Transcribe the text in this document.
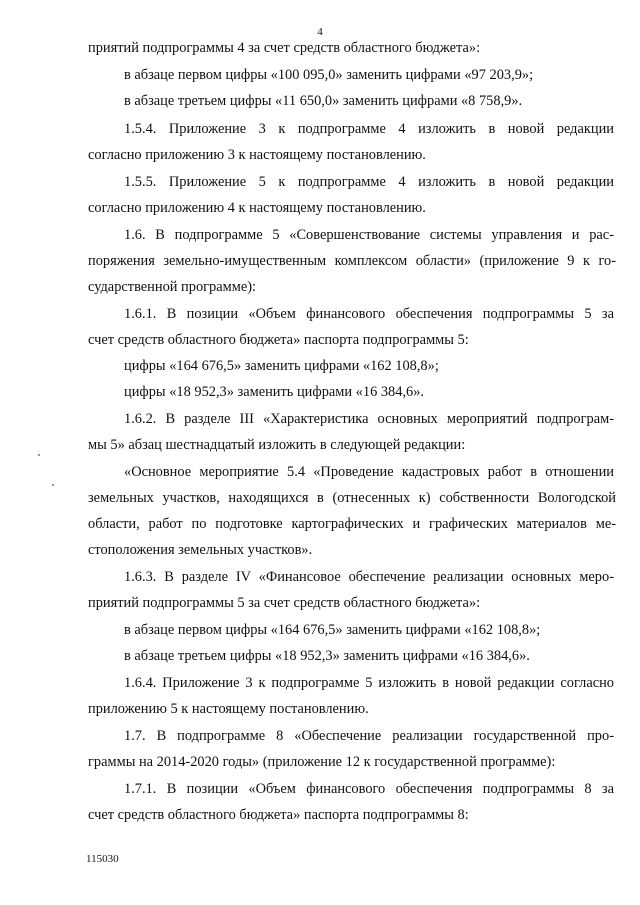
4
приятий подпрограммы 4 за счет средств областного бюджета»:
в абзаце первом цифры «100 095,0» заменить цифрами «97 203,9»;
в абзаце третьем цифры «11 650,0» заменить цифрами «8 758,9».
1.5.4. Приложение 3 к подпрограмме 4 изложить в новой редакции
согласно приложению 3 к настоящему постановлению.
1.5.5. Приложение 5 к подпрограмме 4 изложить в новой редакции
согласно приложению 4 к настоящему постановлению.
1.6. В подпрограмме 5 «Совершенствование системы управления и рас-
поряжения земельно-имущественным комплексом области» (приложение 9 к го-
сударственной программе):
1.6.1. В позиции «Объем финансового обеспечения подпрограммы 5 за
счет средств областного бюджета» паспорта подпрограммы 5:
цифры «164 676,5» заменить цифрами «162 108,8»;
цифры «18 952,3» заменить цифрами «16 384,6».
1.6.2. В разделе III «Характеристика основных мероприятий подпрограм-
мы 5» абзац шестнадцатый изложить в следующей редакции:
«Основное мероприятие 5.4 «Проведение кадастровых работ в отношении
земельных участков, находящихся в (отнесенных к) собственности Вологодской
области, работ по подготовке картографических и графических материалов ме-
стоположения земельных участков».
1.6.3. В разделе IV «Финансовое обеспечение реализации основных меро-
приятий подпрограммы 5 за счет средств областного бюджета»:
в абзаце первом цифры «164 676,5» заменить цифрами «162 108,8»;
в абзаце третьем цифры «18 952,3» заменить цифрами «16 384,6».
1.6.4. Приложение 3 к подпрограмме 5 изложить в новой редакции согласно
приложению 5 к настоящему постановлению.
1.7. В подпрограмме 8 «Обеспечение реализации государственной про-
граммы на 2014-2020 годы» (приложение 12 к государственной программе):
1.7.1. В позиции «Объем финансового обеспечения подпрограммы 8 за
счет средств областного бюджета» паспорта подпрограммы 8:
115030
